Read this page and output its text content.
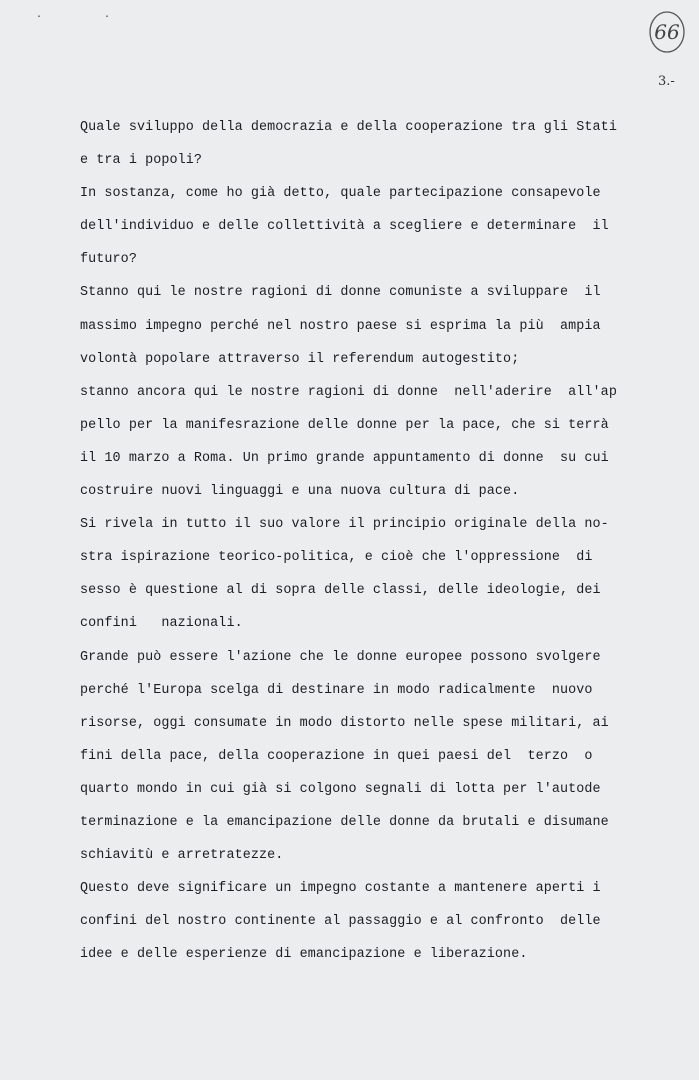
· ·
66
3.-
Quale sviluppo della democrazia e della cooperazione tra gli Stati
e tra i popoli?
In sostanza, come ho già detto, quale partecipazione consapevole
dell'individuo e delle collettività a scegliere e determinare  il
futuro?
Stanno qui le nostre ragioni di donne comuniste a sviluppare  il
massimo impegno perché nel nostro paese si esprima la più  ampia
volontà popolare attraverso il referendum autogestito;
stanno ancora qui le nostre ragioni di donne  nell'aderire  all'ap
pello per la manifesrazione delle donne per la pace, che si terrà
il 10 marzo a Roma. Un primo grande appuntamento di donne  su cui
costruire nuovi linguaggi e una nuova cultura di pace.
Si rivela in tutto il suo valore il principio originale della no-
stra ispirazione teorico-politica, e cioè che l'oppressione  di
sesso è questione al di sopra delle classi, delle ideologie, dei
confini   nazionali.
Grande può essere l'azione che le donne europee possono svolgere
perché l'Europa scelga di destinare in modo radicalmente  nuovo
risorse, oggi consumate in modo distorto nelle spese militari, ai
fini della pace, della cooperazione in quei paesi del  terzo  o
quarto mondo in cui già si colgono segnali di lotta per l'autode
terminazione e la emancipazione delle donne da brutali e disumane
schiavitù e arretratezze.
Questo deve significare un impegno costante a mantenere aperti i
confini del nostro continente al passaggio e al confronto  delle
idee e delle esperienze di emancipazione e liberazione.
